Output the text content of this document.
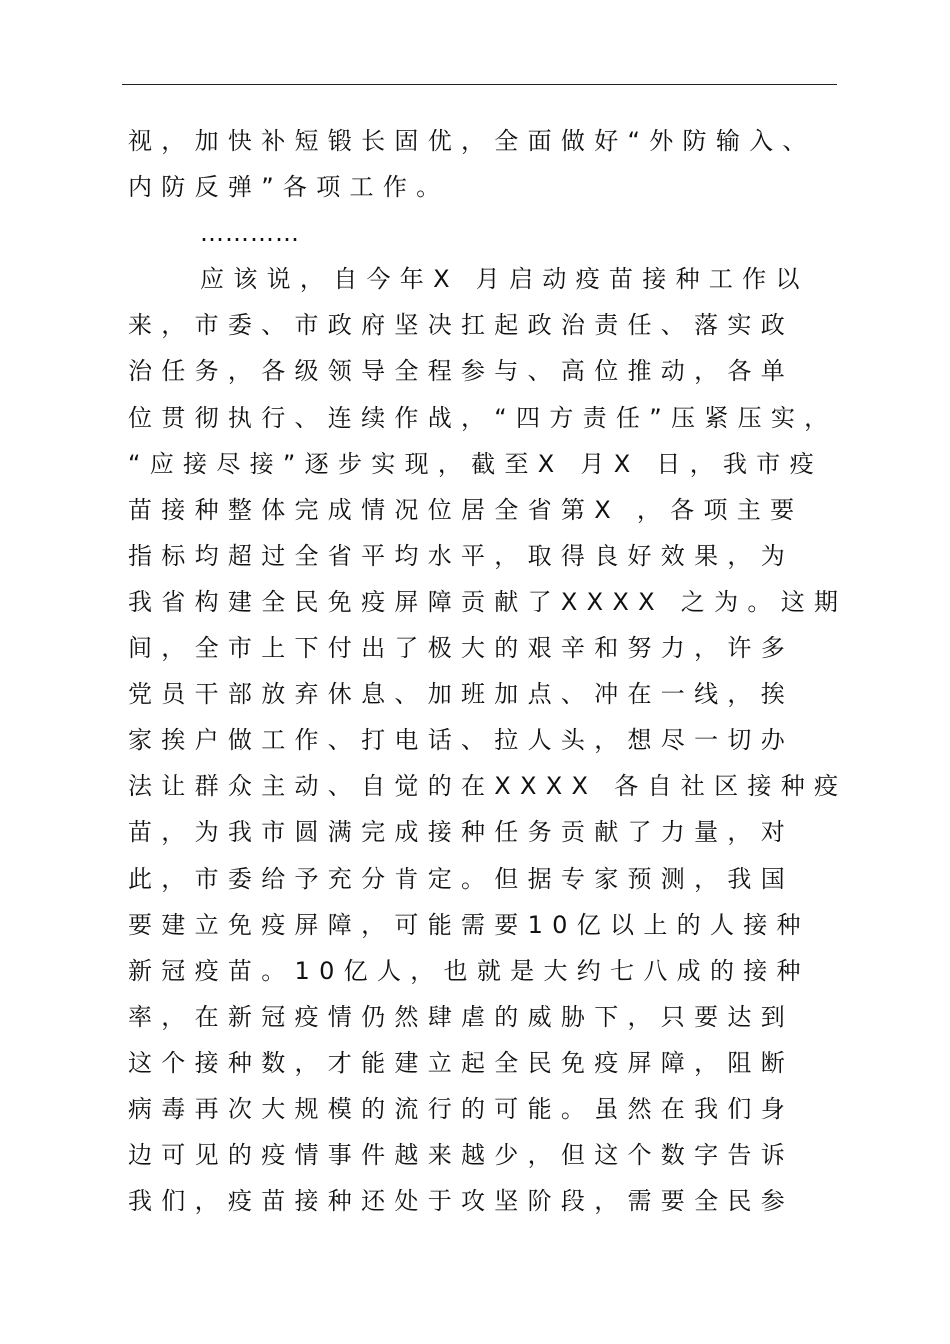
视，加快补短锻长固优，全面做好“外防输入、
内防反弹”各项工作。
…………
应该说，自今年X 月启动疫苗接种工作以
来，市委、市政府坚决扛起政治责任、落实政
治任务，各级领导全程参与、高位推动，各单
位贯彻执行、连续作战，“四方责任”压紧压实，
“应接尽接”逐步实现，截至X 月X 日，我市疫
苗接种整体完成情况位居全省第X ，各项主要
指标均超过全省平均水平，取得良好效果，为
我省构建全民免疫屏障贡献了XXXX 之为。这期
间，全市上下付出了极大的艰辛和努力，许多
党员干部放弃休息、加班加点、冲在一线，挨
家挨户做工作、打电话、拉人头，想尽一切办
法让群众主动、自觉的在XXXX 各自社区接种疫
苗，为我市圆满完成接种任务贡献了力量，对
此，市委给予充分肯定。但据专家预测，我国
要建立免疫屏障，可能需要10亿以上的人接种
新冠疫苗。10亿人，也就是大约七八成的接种
率，在新冠疫情仍然肆虐的威胁下，只要达到
这个接种数，才能建立起全民免疫屏障，阻断
病毒再次大规模的流行的可能。虽然在我们身
边可见的疫情事件越来越少，但这个数字告诉
我们，疫苗接种还处于攻坚阶段，需要全民参
